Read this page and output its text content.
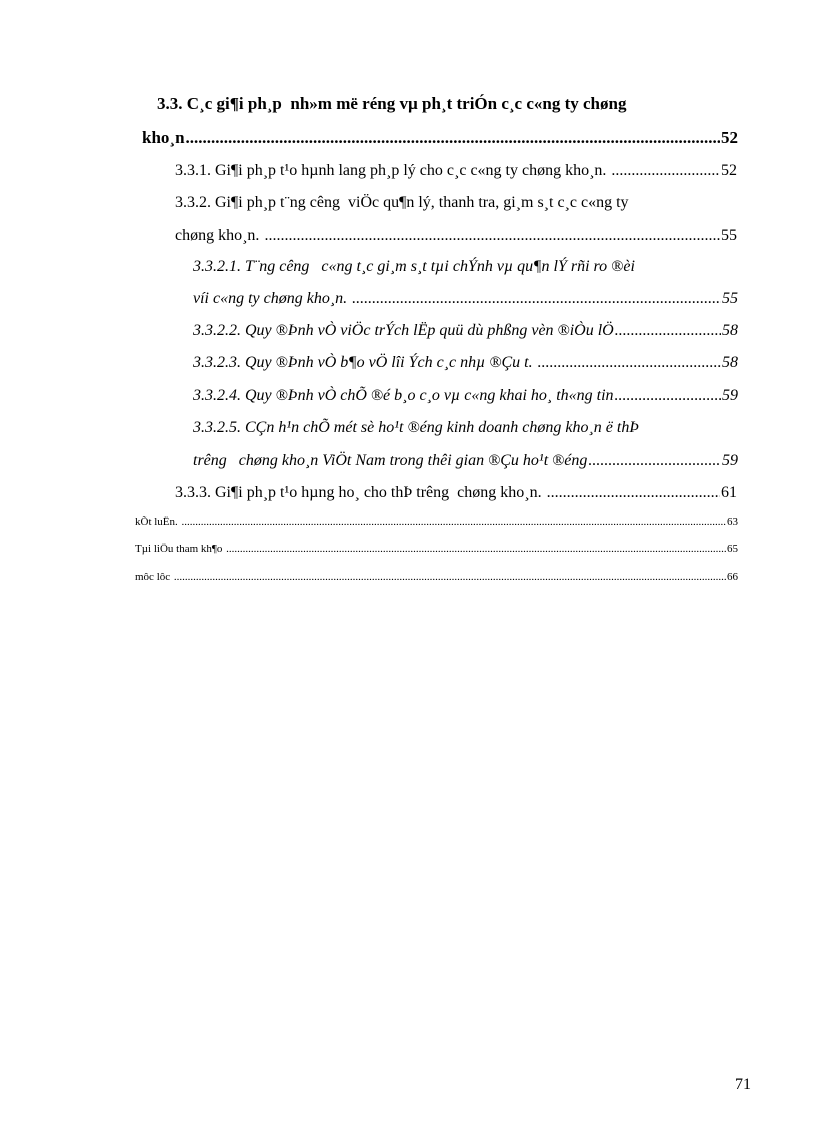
3.3. C¸c gi¶i ph¸p  nh»m më réng vµ ph¸t triÓn c¸c c«ng ty chøng
kho¸n .....	52
3.3.1. Gi¶i ph¸p t¹o hµnh lang ph¸p lý cho c¸c c«ng ty chøng kho¸n. .....	52
3.3.2. Gi¶i ph¸p t¨ng cêng  viÖc qu¶n lý, thanh tra, gi¸m s¸t c¸c c«ng ty
chøng kho¸n. .....	55
3.3.2.1. T¨ng cêng   c«ng t¸c gi¸m s¸t tµi chÝnh vµ qu¶n lÝ rñi ro ®èi
víi c«ng ty chøng kho¸n. .....	55
3.3.2.2. Quy ®Þnh vÒ viÖc trÝch lËp quü dù phßng vèn ®iÒu lÖ .....	58
3.3.2.3. Quy ®Þnh vÒ b¶o vÖ lîi Ých c¸c nhµ ®Çu t. .....	58
3.3.2.4. Quy ®Þnh vÒ chÕ ®é b¸o c¸o vµ c«ng khai ho¸ th«ng tin .....	59
3.3.2.5. CÇn h¹n chÕ mét sè ho¹t ®éng kinh doanh chøng kho¸n ë thÞ
trêng   chøng kho¸n ViÖt Nam trong thêi gian ®Çu ho¹t ®éng .....	59
3.3.3. Gi¶i ph¸p t¹o hµng ho¸ cho thÞ trêng  chøng kho¸n. .....	61
kÕt luËn. .....	63
Tµi liÖu tham kh¶o .....	65
môc lôc .....	66
71
